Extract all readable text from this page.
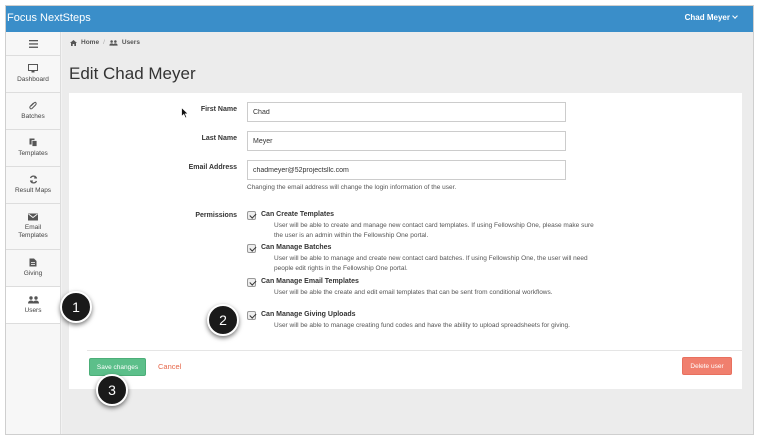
Focus NextSteps	Chad Meyer
Dashboard
Batches
Templates
Result Maps
Email Templates
Giving
Users
Home /	Users
Edit Chad Meyer
First Name
Chad
Last Name
Meyer
Email Address
chadmeyer@52projectsllc.com
Changing the email address will change the login information of the user.
Permissions	Can Create Templates
User will be able to create and manage new contact card templates. If using Fellowship One, please make sure the user is an admin within the Fellowship One portal.
Can Manage Batches
User will be able to manage and create new contact card batches. If using Fellowship One, the user will need people edit rights in the Fellowship One portal.
Can Manage Email Templates
User will be able the create and edit email templates that can be sent from conditional workflows.
Can Manage Giving Uploads
User will be able to manage creating fund codes and have the ability to upload spreadsheets for giving.
Save changes	Cancel	Delete user
1
2
3
